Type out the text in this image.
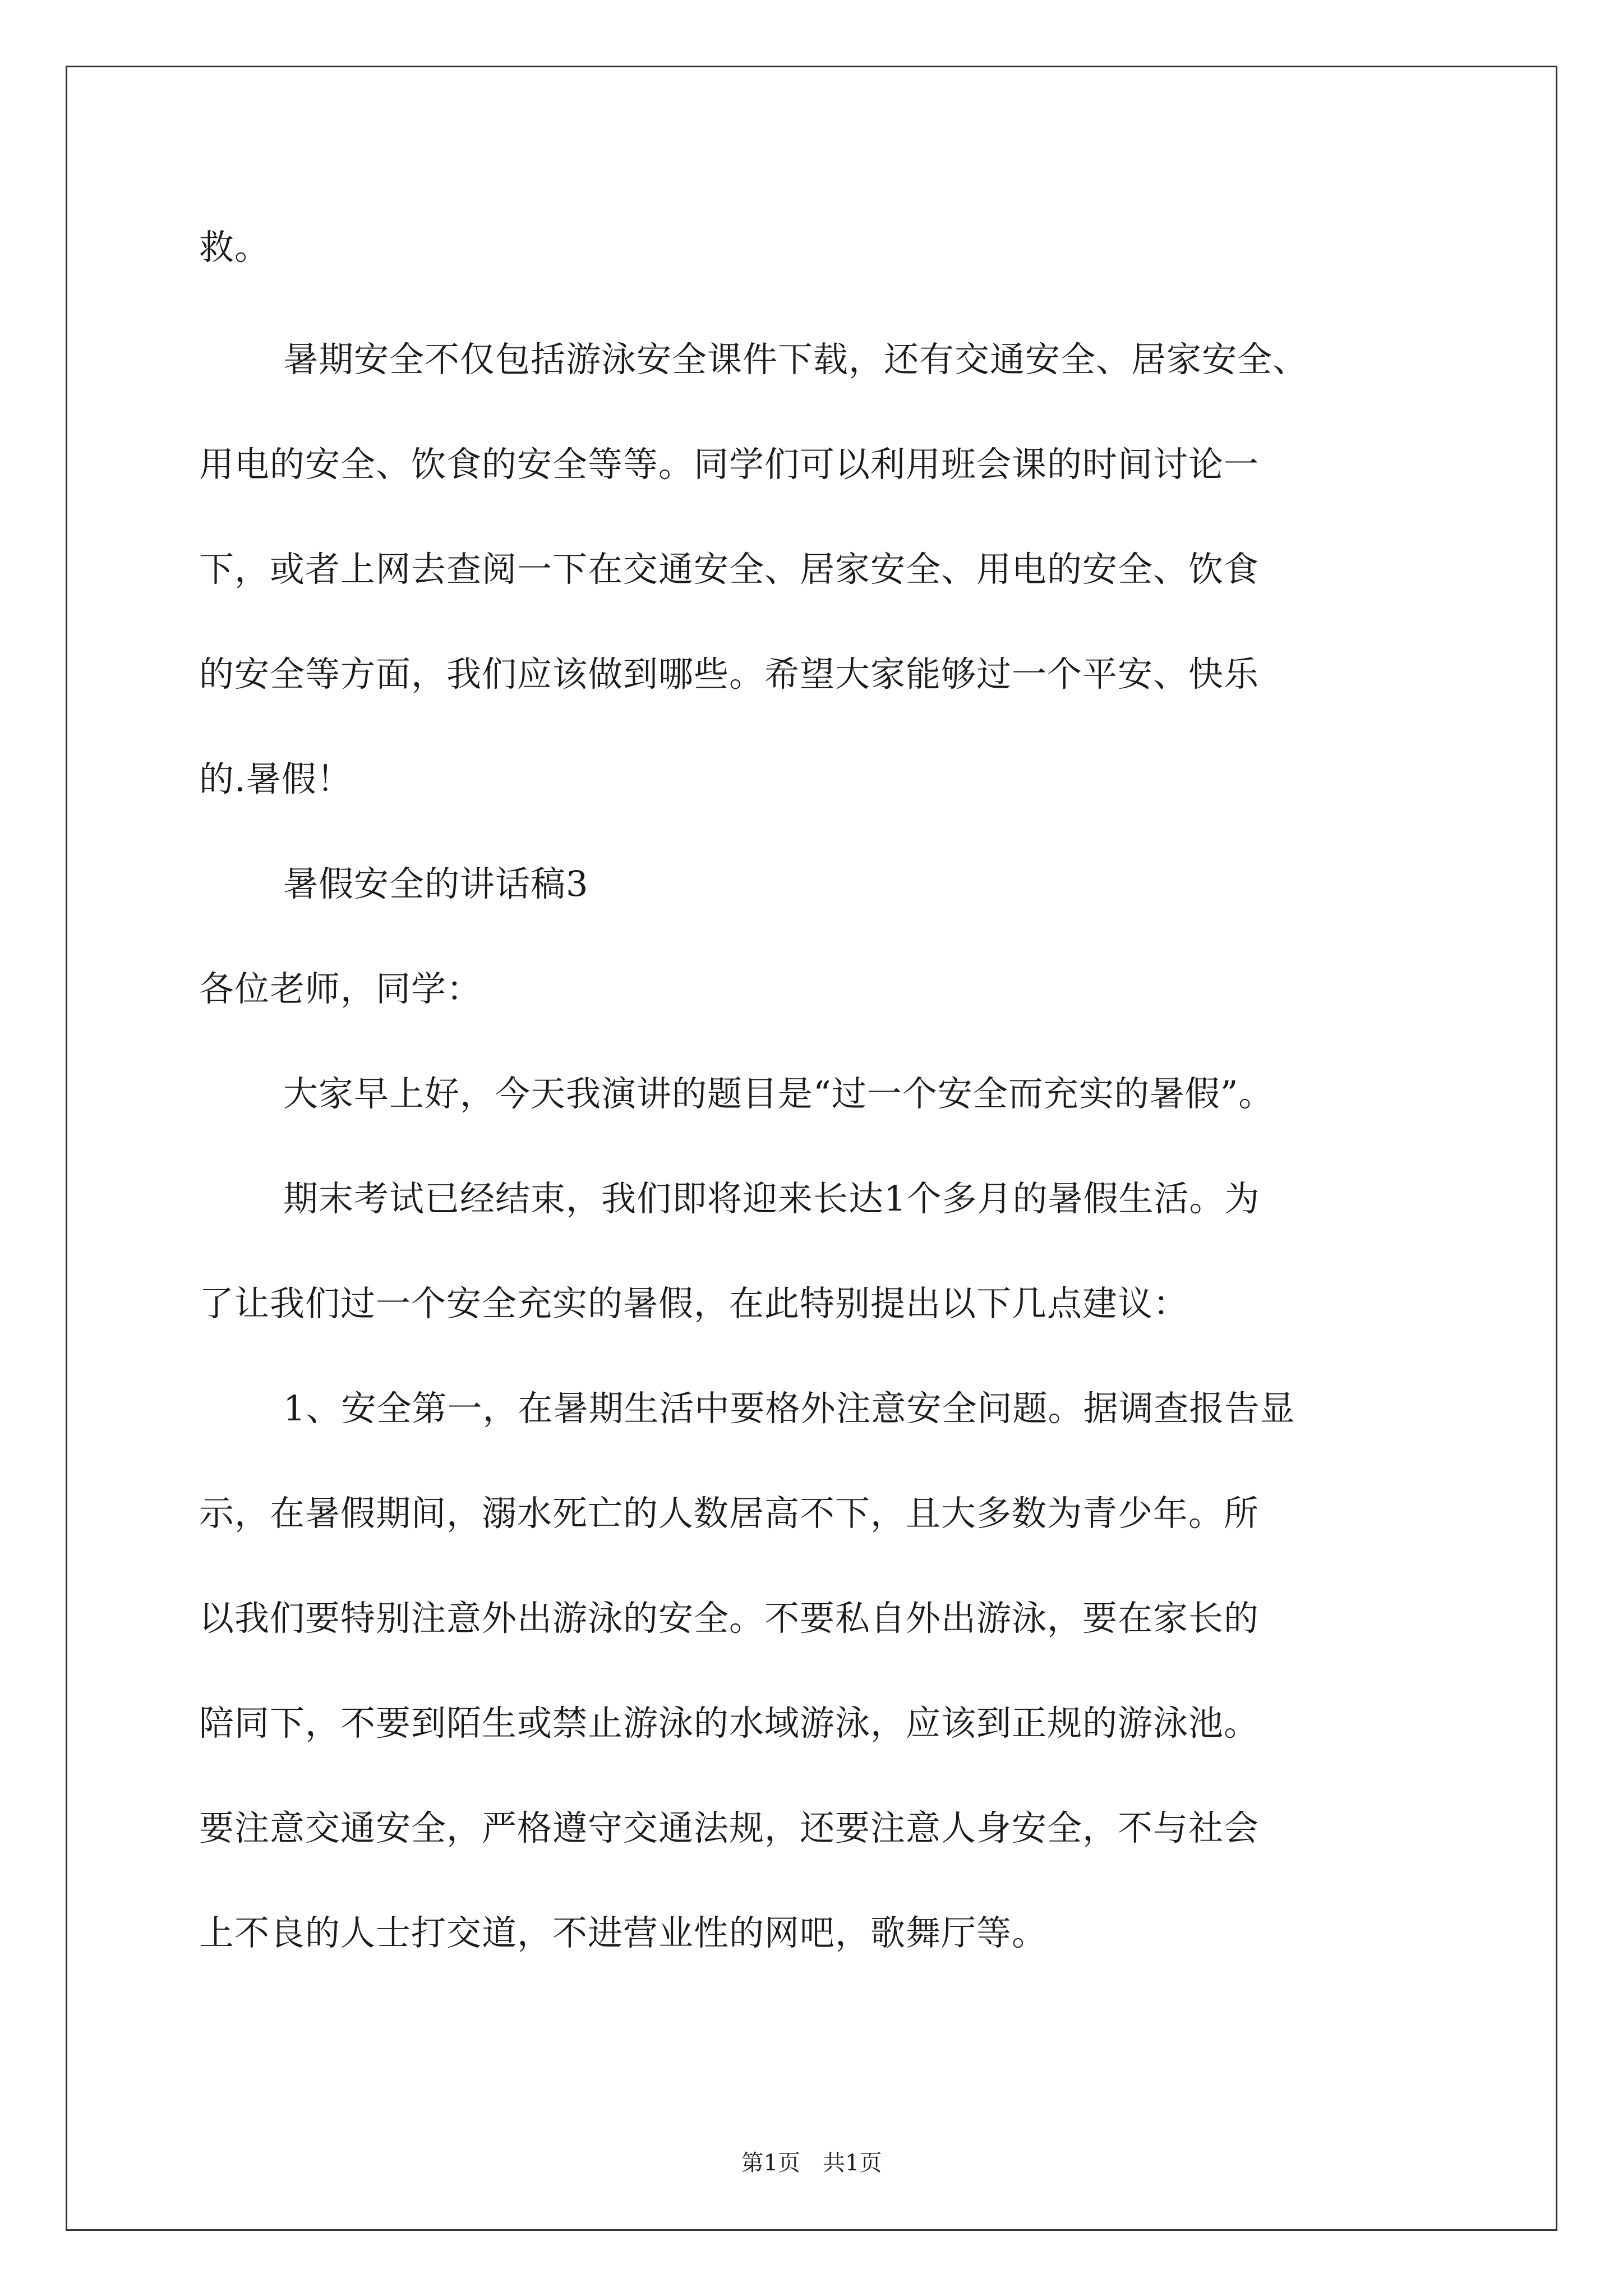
救。
暑期安全不仅包括游泳安全课件下载，还有交通安全、居家安全、
用电的安全、饮食的安全等等。同学们可以利用班会课的时间讨论一
下，或者上网去查阅一下在交通安全、居家安全、用电的安全、饮食
的安全等方面，我们应该做到哪些。希望大家能够过一个平安、快乐
的.暑假！
暑假安全的讲话稿3
各位老师，同学：
大家早上好，今天我演讲的题目是“过一个安全而充实的暑假”。
期末考试已经结束，我们即将迎来长达1个多月的暑假生活。为
了让我们过一个安全充实的暑假，在此特别提出以下几点建议：
1、安全第一，在暑期生活中要格外注意安全问题。据调查报告显
示，在暑假期间，溺水死亡的人数居高不下，且大多数为青少年。所
以我们要特别注意外出游泳的安全。不要私自外出游泳，要在家长的
陪同下，不要到陌生或禁止游泳的水域游泳，应该到正规的游泳池。
要注意交通安全，严格遵守交通法规，还要注意人身安全，不与社会
上不良的人士打交道，不进营业性的网吧，歌舞厅等。
第1页　共1页
